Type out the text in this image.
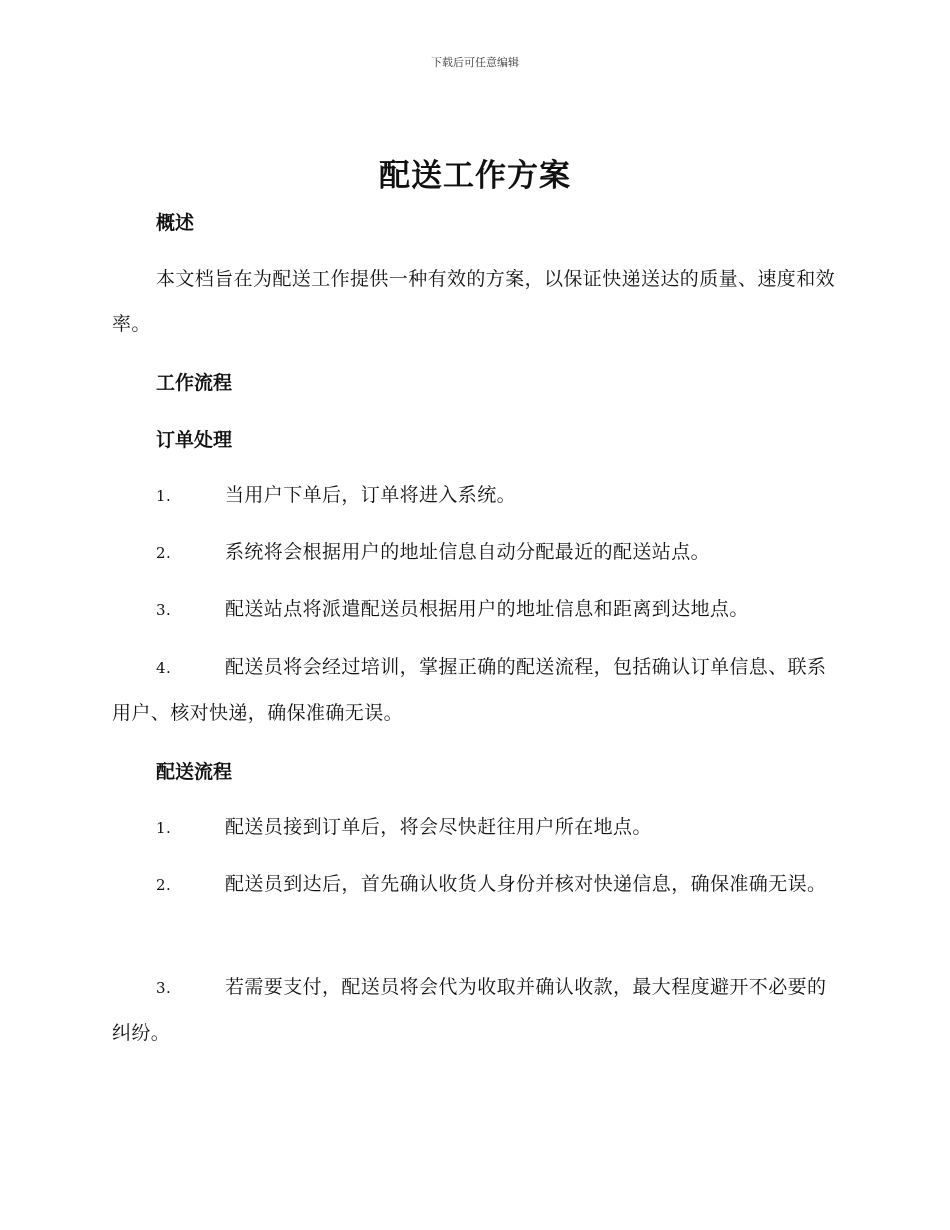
下载后可任意编辑
配送工作方案
概述
本文档旨在为配送工作提供一种有效的方案，以保证快递送达的质量、速度和效率。
工作流程
订单处理
1.	当用户下单后，订单将进入系统。
2.	系统将会根据用户的地址信息自动分配最近的配送站点。
3.	配送站点将派遣配送员根据用户的地址信息和距离到达地点。
4.	配送员将会经过培训，掌握正确的配送流程，包括确认订单信息、联系用户、核对快递，确保准确无误。
配送流程
1.	配送员接到订单后，将会尽快赶往用户所在地点。
2.	配送员到达后，首先确认收货人身份并核对快递信息，确保准确无误。
3.	若需要支付，配送员将会代为收取并确认收款，最大程度避开不必要的纠纷。
